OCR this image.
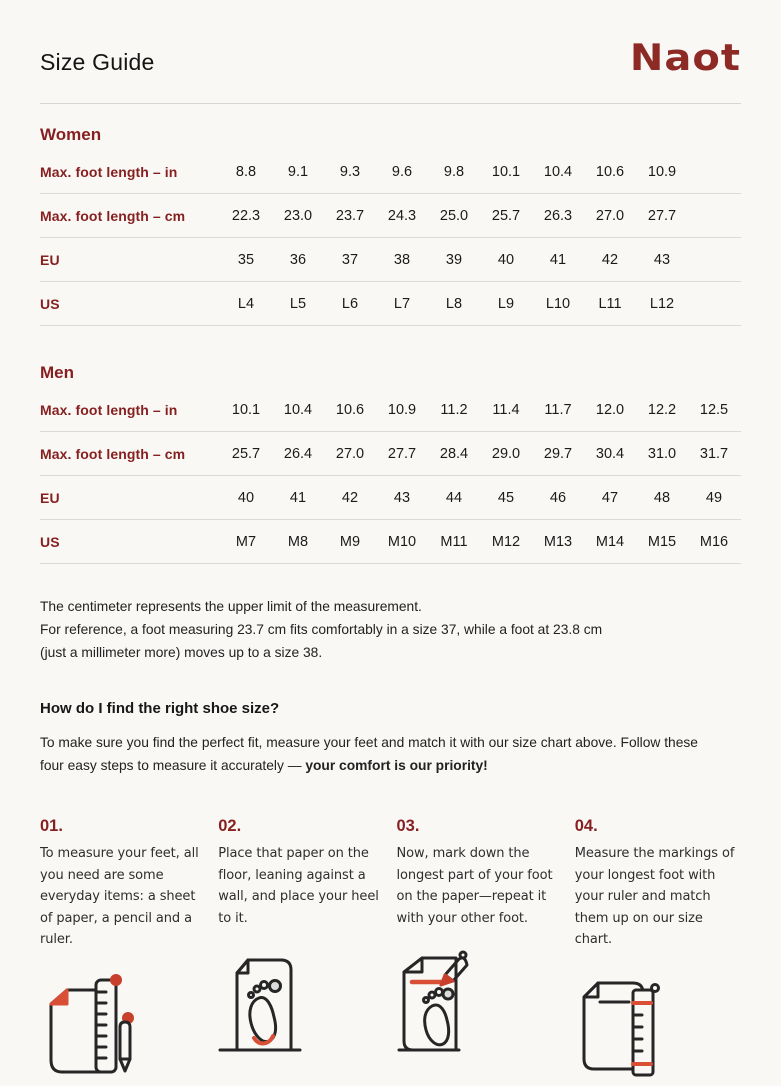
Size Guide	Naot
Women
Max. foot length – in	8.8	9.1	9.3	9.6	9.8	10.1	10.4	10.6	10.9
Max. foot length – cm	22.3	23.0	23.7	24.3	25.0	25.7	26.3	27.0	27.7
EU	35	36	37	38	39	40	41	42	43
US	L4	L5	L6	L7	L8	L9	L10	L11	L12
Men
Max. foot length – in	10.1	10.4	10.6	10.9	11.2	11.4	11.7	12.0	12.2	12.5
Max. foot length – cm	25.7	26.4	27.0	27.7	28.4	29.0	29.7	30.4	31.0	31.7
EU	40	41	42	43	44	45	46	47	48	49
US	M7	M8	M9	M10	M11	M12	M13	M14	M15	M16
The centimeter represents the upper limit of the measurement.
For reference, a foot measuring 23.7 cm fits comfortably in a size 37, while a foot at 23.8 cm
(just a millimeter more) moves up to a size 38.
How do I find the right shoe size?

To make sure you find the perfect fit, measure your feet and match it with our size chart above. Follow these four easy steps to measure it accurately — your comfort is our priority!

01.
To measure your feet, all you need are some everyday items: a sheet of paper, a pencil and a ruler.
02.
Place that paper on the floor, leaning against a wall, and place your heel to it.
03.
Now, mark down the longest part of your foot on the paper—repeat it with your other foot.
04.
Measure the markings of your longest foot with your ruler and match them up on our size chart.
